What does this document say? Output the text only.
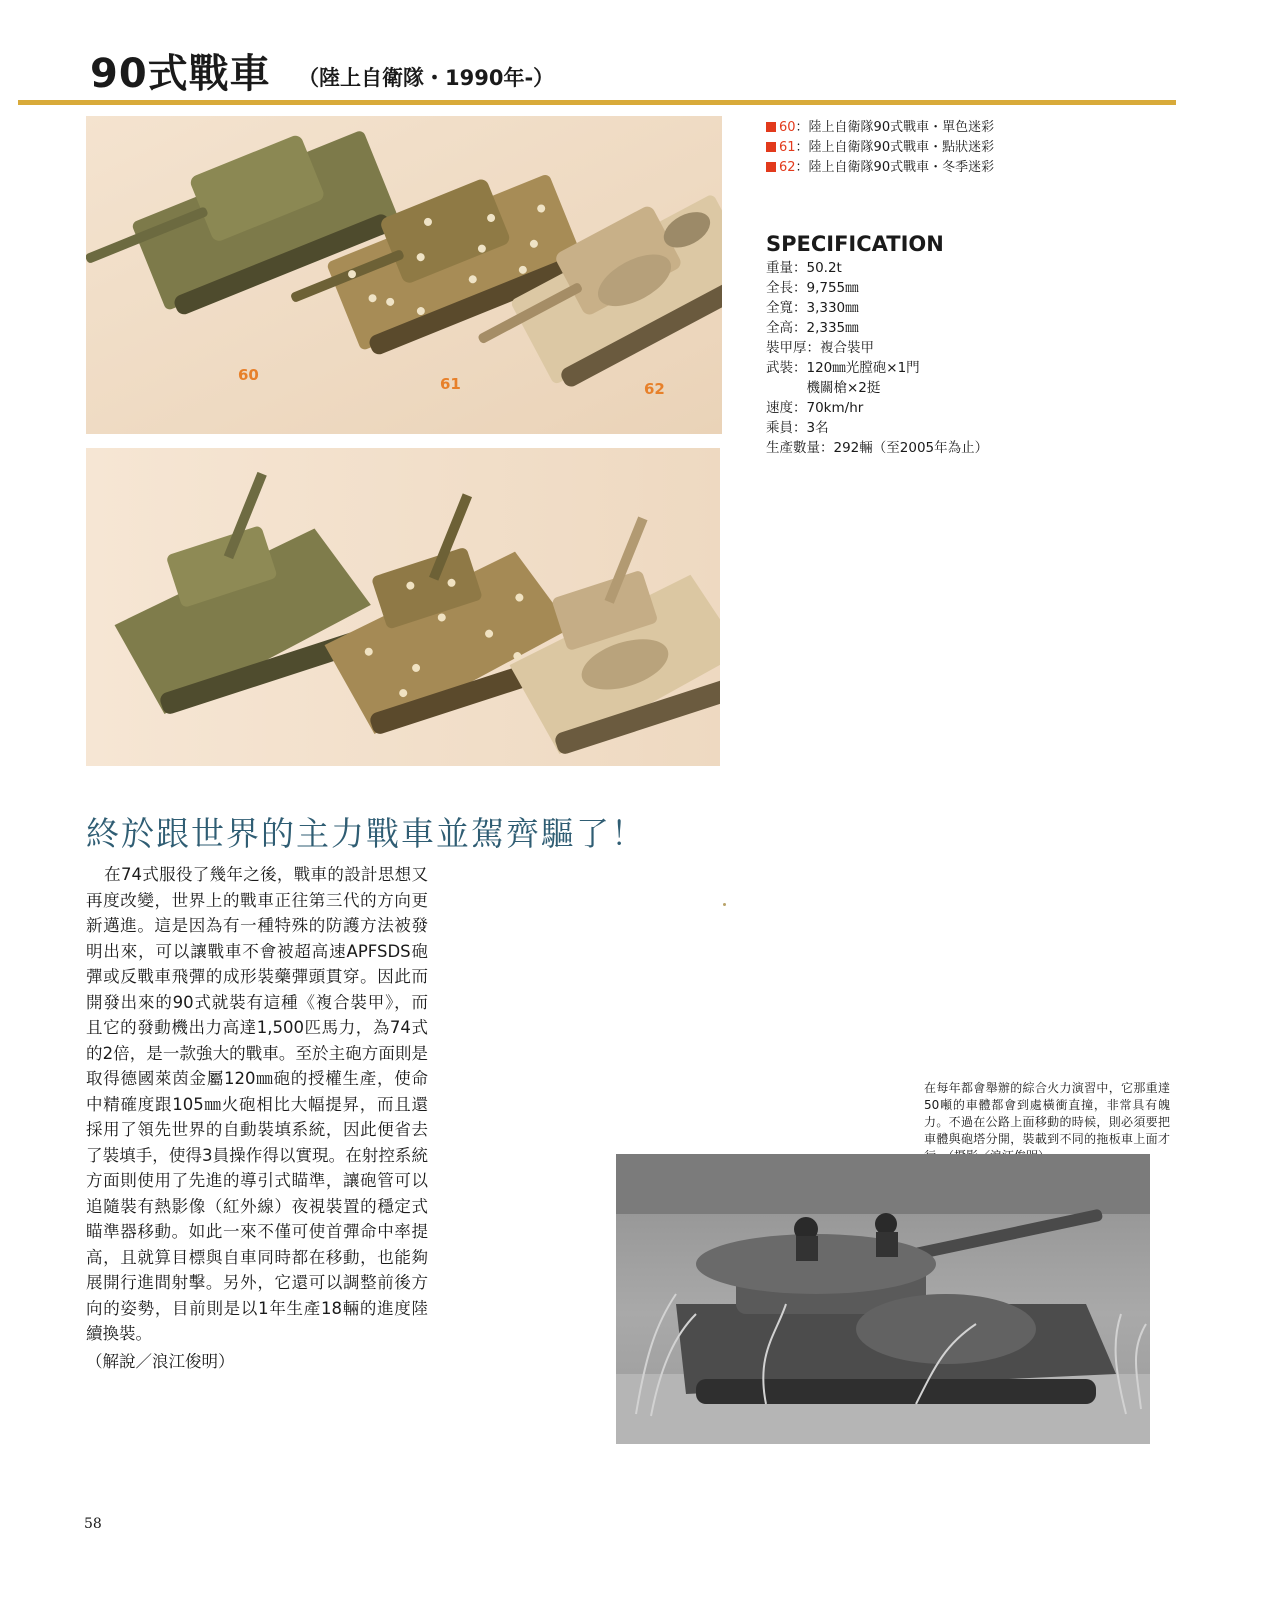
90式戰車 （陸上自衛隊・1990年-）
60	61	62
60：陸上自衛隊90式戰車・單色迷彩
61：陸上自衛隊90式戰車・點狀迷彩
62：陸上自衛隊90式戰車・冬季迷彩
SPECIFICATION
重量：50.2t
全長：9,755㎜
全寬：3,330㎜
全高：2,335㎜
裝甲厚：複合裝甲
武裝：120㎜光膛砲×1門
　　　機關槍×2挺
速度：70km/hr
乘員：3名
生產數量：292輛（至2005年為止）
終於跟世界的主力戰車並駕齊驅了！

在74式服役了幾年之後，戰車的設計思想又再度改變，世界上的戰車正往第三代的方向更新邁進。這是因為有一種特殊的防護方法被發明出來，可以讓戰車不會被超高速APFSDS砲彈或反戰車飛彈的成形裝藥彈頭貫穿。因此而開發出來的90式就裝有這種《複合裝甲》，而且它的發動機出力高達1,500匹馬力，為74式的2倍，是一款強大的戰車。至於主砲方面則是取得德國萊茵金屬120㎜砲的授權生產，使命中精確度跟105㎜火砲相比大幅提昇，而且還採用了領先世界的自動裝填系統，因此便省去了裝填手，使得3員操作得以實現。在射控系統方面則使用了先進的導引式瞄準，讓砲管可以追隨裝有熱影像（紅外線）夜視裝置的穩定式瞄準器移動。如此一來不僅可使首彈命中率提高，且就算目標與自車同時都在移動，也能夠展開行進間射擊。另外，它還可以調整前後方向的姿勢，目前則是以1年生產18輛的進度陸續換裝。

（解說／浪江俊明）
在每年都會舉辦的綜合火力演習中，它那重達50噸的車體都會到處橫衝直撞，非常具有魄力。不過在公路上面移動的時候，則必須要把車體與砲塔分開，裝載到不同的拖板車上面才
58
